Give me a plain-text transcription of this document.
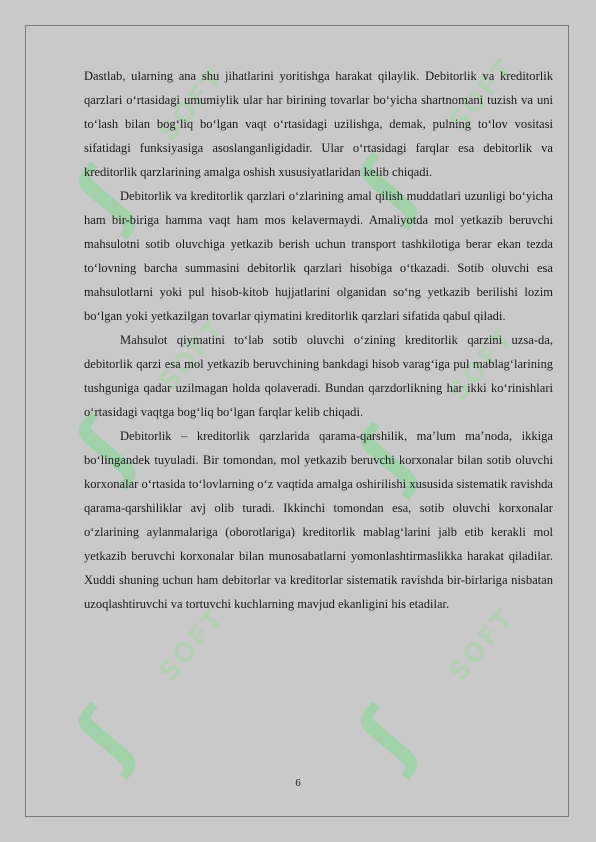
ʃ
SOFT
ʃ
SOFT
ʃ
SOFT
ʃ
SOFT
ʃ
SOFT
ʃ
SOFT

Dastlab, ularning ana shu jihatlarini yoritishga harakat qilaylik. Debitorlik va kreditorlik qarzlari o‘rtasidagi umumiylik ular har birining tovarlar bo‘yicha shartnomani tuzish va uni to‘lash bilan bog‘liq bo‘lgan vaqt o‘rtasidagi uzilishga, demak, pulning to‘lov vositasi sifatidagi funksiyasiga asoslanganligidadir. Ular o‘rtasidagi farqlar esa debitorlik va kreditorlik qarzlarining amalga oshish xususiyatlaridan kelib chiqadi.

Debitorlik va kreditorlik qarzlari o‘zlarining amal qilish muddatlari uzunligi bo‘yicha ham bir-biriga hamma vaqt ham mos kelavermaydi. Amaliyotda mol yetkazib beruvchi mahsulotni sotib oluvchiga yetkazib berish uchun transport tashkilotiga berar ekan tezda to‘lovning barcha summasini debitorlik qarzlari hisobiga o‘tkazadi. Sotib oluvchi esa mahsulotlarni yoki pul hisob-kitob hujjatlarini olganidan so‘ng yetkazib berilishi lozim bo‘lgan yoki yetkazilgan tovarlar qiymatini kreditorlik qarzlari sifatida qabul qiladi.

Mahsulot qiymatini to‘lab sotib oluvchi o‘zining kreditorlik qarzini uzsa-da, debitorlik qarzi esa mol yetkazib beruvchining bankdagi hisob varag‘iga pul mablag‘larining tushguniga qadar uzilmagan holda qolaveradi. Bundan qarzdorlikning har ikki ko‘rinishlari o‘rtasidagi vaqtga bog‘liq bo‘lgan farqlar kelib chiqadi.

Debitorlik – kreditorlik qarzlarida qarama-qarshilik, ma’lum ma’noda, ikkiga bo‘lingandek tuyuladi. Bir tomondan, mol yetkazib beruvchi korxonalar bilan sotib oluvchi korxonalar o‘rtasida to‘lovlarning o‘z vaqtida amalga oshirilishi xususida sistematik ravishda qarama-qarshiliklar avj olib turadi. Ikkinchi tomondan esa, sotib oluvchi korxonalar o‘zlarining aylanmalariga (oborotlariga) kreditorlik mablag‘larini jalb etib kerakli mol yetkazib beruvchi korxonalar bilan munosabatlarni yomonlashtirmaslikka harakat qiladilar. Xuddi shuning uchun ham debitorlar va kreditorlar sistematik ravishda bir-birlariga nisbatan uzoqlashtiruvchi va tortuvchi kuchlarning mavjud ekanligini his etadilar.

6
